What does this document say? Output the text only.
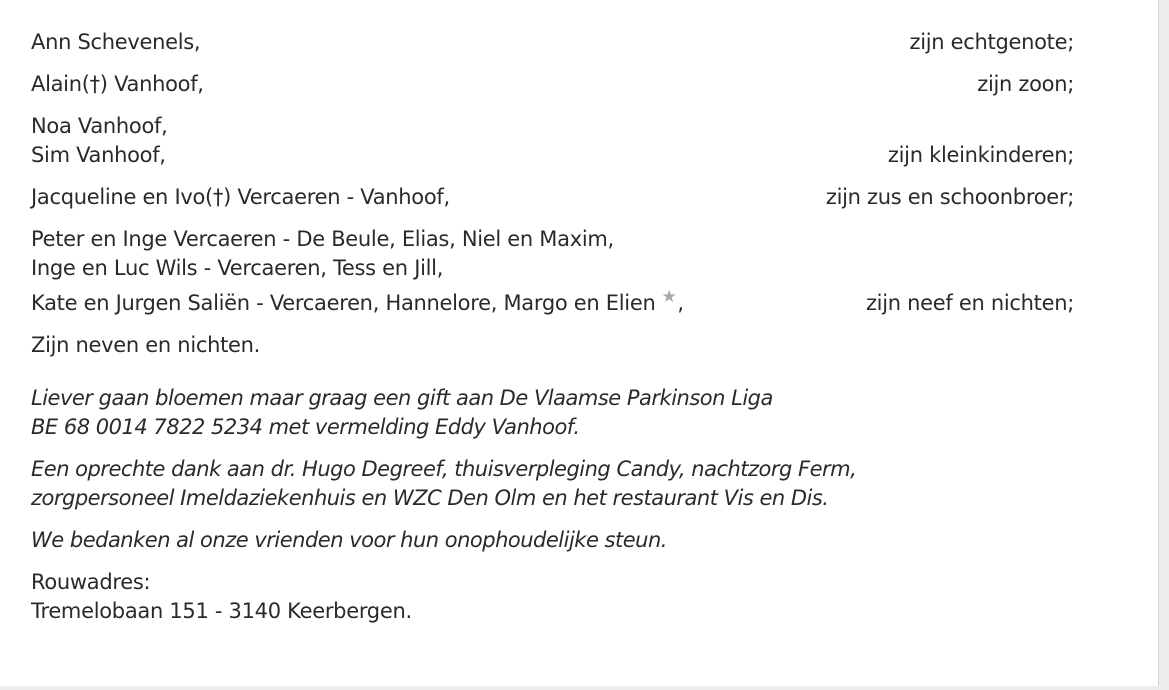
Ann Schevenels,	zijn echtgenote;
Alain(†) Vanhoof,	zijn zoon;
Noa Vanhoof,
Sim Vanhoof,	zijn kleinkinderen;
Jacqueline en Ivo(†) Vercaeren - Vanhoof,	zijn zus en schoonbroer;
Peter en Inge Vercaeren - De Beule, Elias, Niel en Maxim,
Inge en Luc Wils - Vercaeren, Tess en Jill,
Kate en Jurgen Saliën - Vercaeren, Hannelore, Margo en Elien ★,	zijn neef en nichten;
Zijn neven en nichten.
Liever gaan bloemen maar graag een gift aan De Vlaamse Parkinson Liga
BE 68 0014 7822 5234 met vermelding Eddy Vanhoof.
Een oprechte dank aan dr. Hugo Degreef, thuisverpleging Candy, nachtzorg Ferm,
zorgpersoneel Imeldaziekenhuis en WZC Den Olm en het restaurant Vis en Dis.
We bedanken al onze vrienden voor hun onophoudelijke steun.
Rouwadres:
Tremelobaan 151 - 3140 Keerbergen.
